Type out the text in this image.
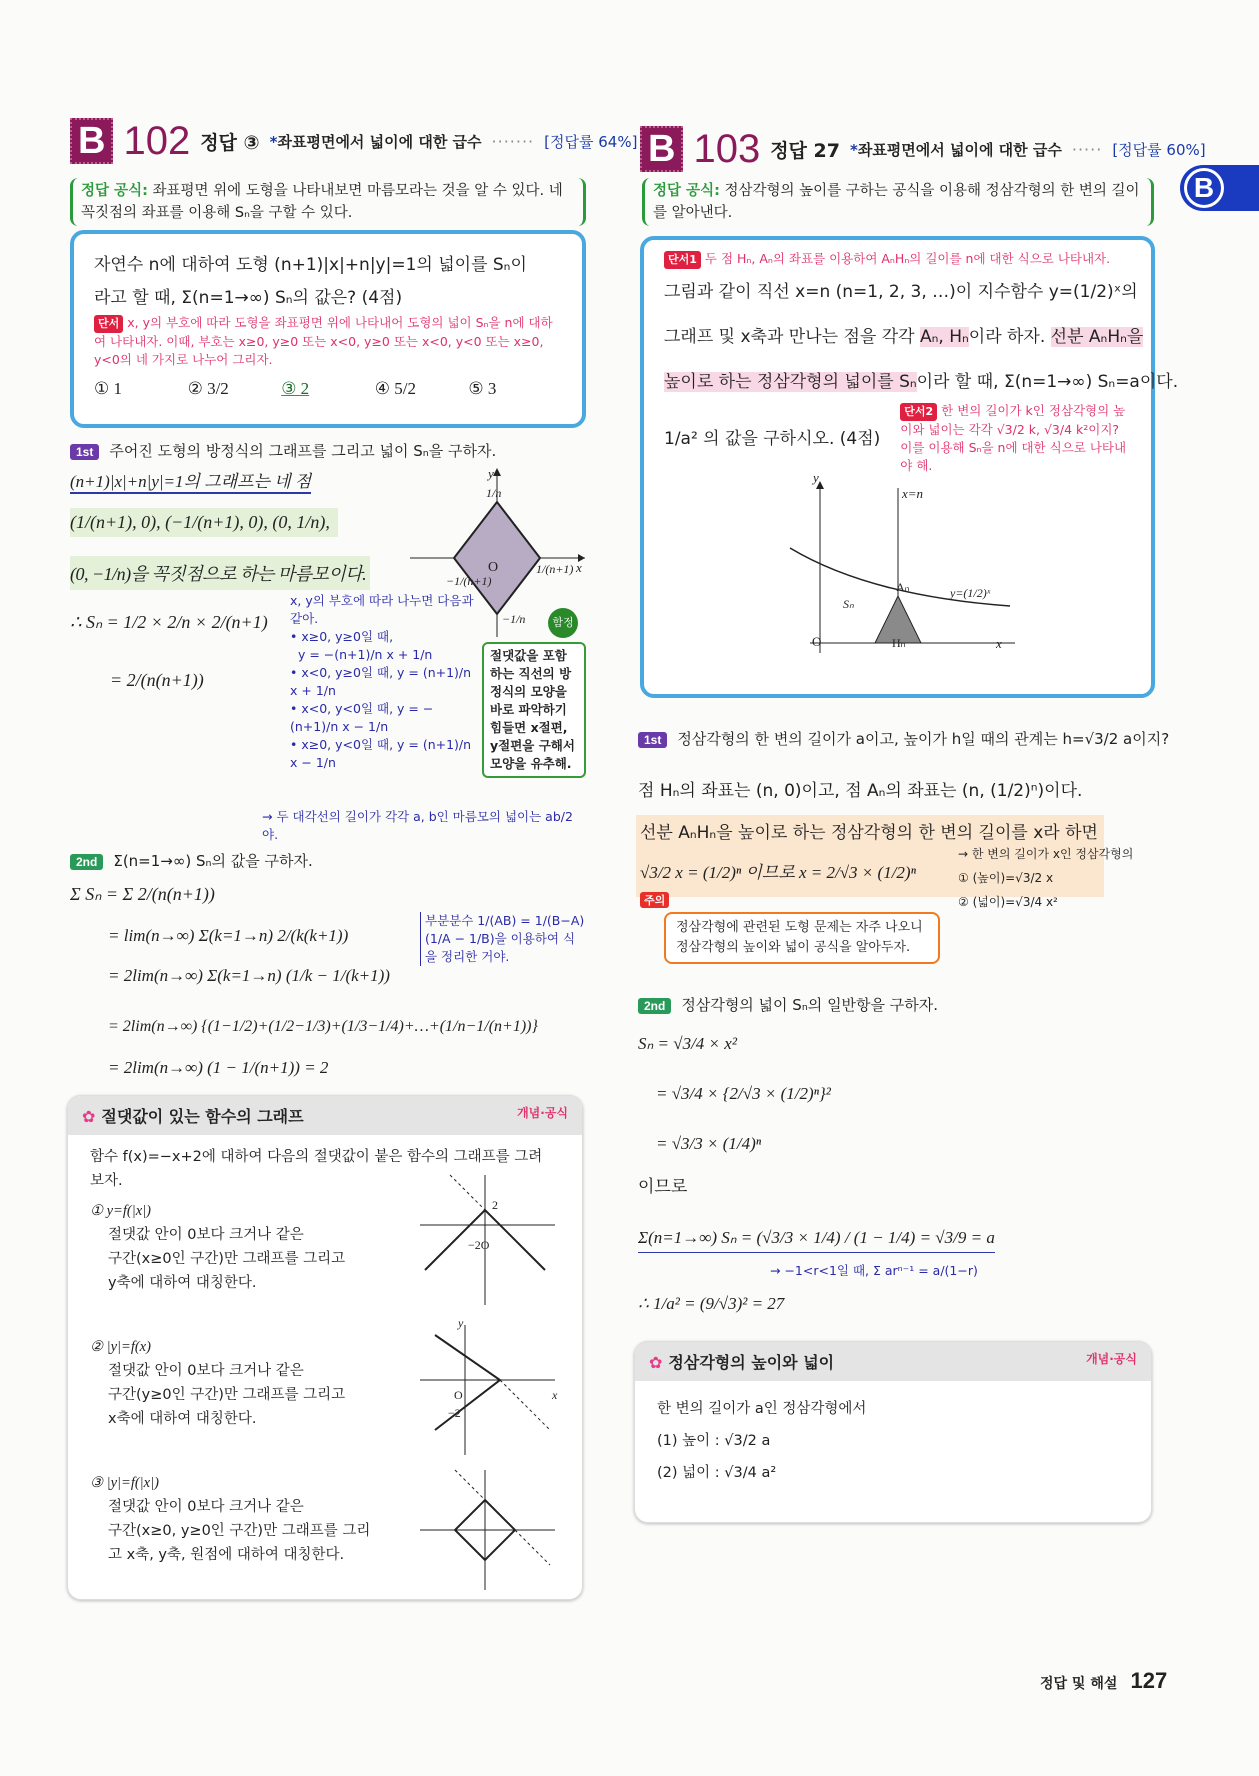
B
B 102 정답 ③ *좌표평면에서 넓이에 대한 급수 ······· [정답률 64%]
정답 공식: 좌표평면 위에 도형을 나타내보면 마름모라는 것을 알 수 있다. 네 꼭짓점의 좌표를 이용해 Sₙ을 구할 수 있다.
자연수 n에 대하여 도형 (n+1)|x|+n|y|=1의 넓이를 Sₙ이
라고 할 때, Σ(n=1→∞) Sₙ의 값은? (4점)
단서 x, y의 부호에 따라 도형을 좌표평면 위에 나타내어 도형의 넓이 Sₙ을 n에 대하여 나타내자. 이때, 부호는 x≥0, y≥0 또는 x<0, y≥0 또는 x<0, y<0 또는 x≥0, y<0의 네 가지로 나누어 그리자.
① 1	② 3/2	③ 2	④ 5/2	⑤ 3
1st 주어진 도형의 방정식의 그래프를 그리고 넓이 Sₙ을 구하자.
(n+1)|x|+n|y|=1의 그래프는 네 점
(1/(n+1), 0), (−1/(n+1), 0), (0, 1/n),
(0, −1/n)을 꼭짓점으로 하는 마름모이다.
∴ Sₙ = 1/2 × 2/n × 2/(n+1)
= 2/(n(n+1))
2nd Σ(n=1→∞) Sₙ의 값을 구하자.
Σ Sₙ = Σ 2/(n(n+1))
= lim(n→∞) Σ(k=1→n) 2/(k(k+1))
= 2lim(n→∞) Σ(k=1→n) (1/k − 1/(k+1))
= 2lim(n→∞) {(1−1/2)+(1/2−1/3)+(1/3−1/4)+…+(1/n−1/(n+1))}
= 2lim(n→∞) (1 − 1/(n+1)) = 2
x, y의 부호에 따라 나누면 다음과 같아.
• x≥0, y≥0일 때,
y = −(n+1)/n x + 1/n
• x<0, y≥0일 때, y = (n+1)/n x + 1/n
• x<0, y<0일 때, y = −(n+1)/n x − 1/n
• x≥0, y<0일 때, y = (n+1)/n x − 1/n
→ 두 대각선의 길이가 각각 a, b인 마름모의 넓이는 ab/2야.
부분분수 1/(AB) = 1/(B−A) (1/A − 1/B)을 이용하여 식을 정리한 거야.
y
1/n
O
−1/(n+1)
1/(n+1) x
−1/n	함정
절댓값을 포함하는 직선의 방정식의 모양을 바로 파악하기 힘들면 x절편, y절편을 구해서 모양을 유추해.
✿ 절댓값이 있는 함수의 그래프	개념·공식
함수 f(x)=−x+2에 대하여 다음의 절댓값이 붙은 함수의 그래프를 그려보자.
① y=f(|x|)
절댓값 안이 0보다 크거나 같은
구간(x≥0인 구간)만 그래프를 그리고
y축에 대하여 대칭한다.
② |y|=f(x)
절댓값 안이 0보다 크거나 같은
구간(y≥0인 구간)만 그래프를 그리고
x축에 대하여 대칭한다.
③ |y|=f(|x|)
절댓값 안이 0보다 크거나 같은
구간(x≥0, y≥0인 구간)만 그래프를 그리
고 x축, y축, 원점에 대하여 대칭한다.
−2O
2
O
−2
x
y
B 103 정답 27 *좌표평면에서 넓이에 대한 급수 ····· [정답률 60%]
정답 공식: 정삼각형의 높이를 구하는 공식을 이용해 정삼각형의 한 변의 길이를 알아낸다.
단서1 두 점 Hₙ, Aₙ의 좌표를 이용하여 AₙHₙ의 길이를 n에 대한 식으로 나타내자.
그림과 같이 직선 x=n (n=1, 2, 3, …)이 지수함수 y=(1/2)ˣ의
그래프 및 x축과 만나는 점을 각각 Aₙ, Hₙ이라 하자. 선분 AₙHₙ을
높이로 하는 정삼각형의 넓이를 Sₙ이라 할 때, Σ(n=1→∞) Sₙ=a이다.
1/a² 의 값을 구하시오. (4점)
단서2 한 변의 길이가 k인 정삼각형의 높이와 넓이는 각각 √3/2 k, √3/4 k²이지? 이를 이용해 Sₙ을 n에 대한 식으로 나타내야 해.
y
x=n
Aₙ
Sₙ
y=(1/2)ˣ
O	Hₙ	x
1st 정삼각형의 한 변의 길이가 a이고, 높이가 h일 때의 관계는 h=√3/2 a이지?
점 Hₙ의 좌표는 (n, 0)이고, 점 Aₙ의 좌표는 (n, (1/2)ⁿ)이다.
선분 AₙHₙ을 높이로 하는 정삼각형의 한 변의 길이를 x라 하면
√3/2 x = (1/2)ⁿ 이므로 x = 2/√3 × (1/2)ⁿ
→ 한 변의 길이가 x인 정삼각형의
① (높이)=√3/2 x
② (넓이)=√3/4 x²
주의
정삼각형에 관련된 도형 문제는 자주 나오니 정삼각형의 높이와 넓이 공식을 알아두자.
2nd 정삼각형의 넓이 Sₙ의 일반항을 구하자.
Sₙ = √3/4 × x²
= √3/4 × {2/√3 × (1/2)ⁿ}²
= √3/3 × (1/4)ⁿ
이므로
Σ(n=1→∞) Sₙ = (√3/3 × 1/4) / (1 − 1/4) = √3/9 = a
→ −1<r<1일 때, Σ arⁿ⁻¹ = a/(1−r)
∴ 1/a² = (9/√3)² = 27
✿ 정삼각형의 높이와 넓이	개념·공식
한 변의 길이가 a인 정삼각형에서
(1) 높이 : √3/2 a
(2) 넓이 : √3/4 a²
정답 및 해설 127
